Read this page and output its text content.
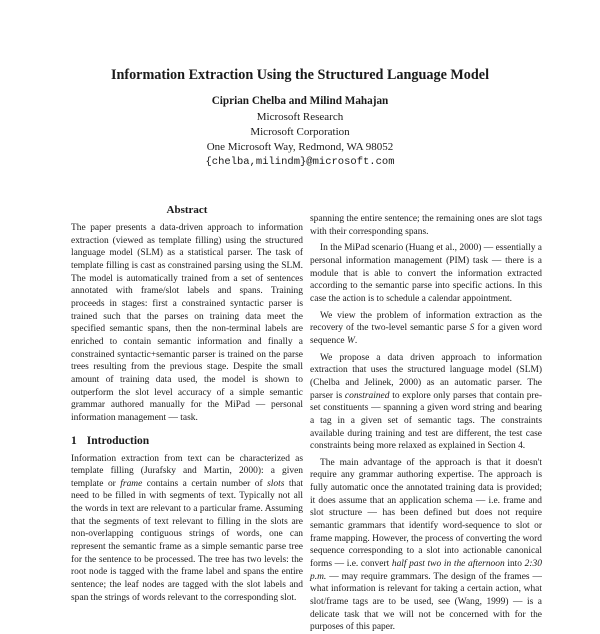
Information Extraction Using the Structured Language Model
Ciprian Chelba and Milind Mahajan
Microsoft Research
Microsoft Corporation
One Microsoft Way, Redmond, WA 98052
{chelba,milindm}@microsoft.com
Abstract

The paper presents a data-driven approach to information extraction (viewed as template filling) using the structured language model (SLM) as a statistical parser. The task of template filling is cast as constrained parsing using the SLM. The model is automatically trained from a set of sentences annotated with frame/slot labels and spans. Training proceeds in stages: first a constrained syntactic parser is trained such that the parses on training data meet the specified semantic spans, then the non-terminal labels are enriched to contain semantic information and finally a constrained syntactic+semantic parser is trained on the parse trees resulting from the previous stage. Despite the small amount of training data used, the model is shown to outperform the slot level accuracy of a simple semantic grammar authored manually for the MiPad — personal information management — task.

1 Introduction

Information extraction from text can be characterized as template filling (Jurafsky and Martin, 2000): a given template or frame contains a certain number of slots that need to be filled in with segments of text. Typically not all the words in text are relevant to a particular frame. Assuming that the segments of text relevant to filling in the slots are non-overlapping contiguous strings of words, one can represent the semantic frame as a simple semantic parse tree for the sentence to be processed. The tree has two levels: the root node is tagged with the frame label and spans the entire sentence; the leaf nodes are tagged with the slot labels and span the strings of words relevant to the corresponding slot.

spanning the entire sentence; the remaining ones are slot tags with their corresponding spans.

In the MiPad scenario (Huang et al., 2000) — essentially a personal information management (PIM) task — there is a module that is able to convert the information extracted according to the semantic parse into specific actions. In this case the action is to schedule a calendar appointment.

We view the problem of information extraction as the recovery of the two-level semantic parse S for a given word sequence W.

We propose a data driven approach to information extraction that uses the structured language model (SLM) (Chelba and Jelinek, 2000) as an automatic parser. The parser is constrained to explore only parses that contain pre-set constituents — spanning a given word string and bearing a tag in a given set of semantic tags. The constraints available during training and test are different, the test case constraints being more relaxed as explained in Section 4.

The main advantage of the approach is that it doesn't require any grammar authoring expertise. The approach is fully automatic once the annotated training data is provided; it does assume that an application schema — i.e. frame and slot structure — has been defined but does not require semantic grammars that identify word-sequence to slot or frame mapping. However, the process of converting the word sequence corresponding to a slot into actionable canonical forms — i.e. convert half past two in the afternoon into 2:30 p.m. — may require grammars. The design of the frames — what information is relevant for taking a certain action, what slot/frame tags are to be used, see (Wang, 1999) — is a delicate task that we will not be concerned with for the purposes of this paper.
